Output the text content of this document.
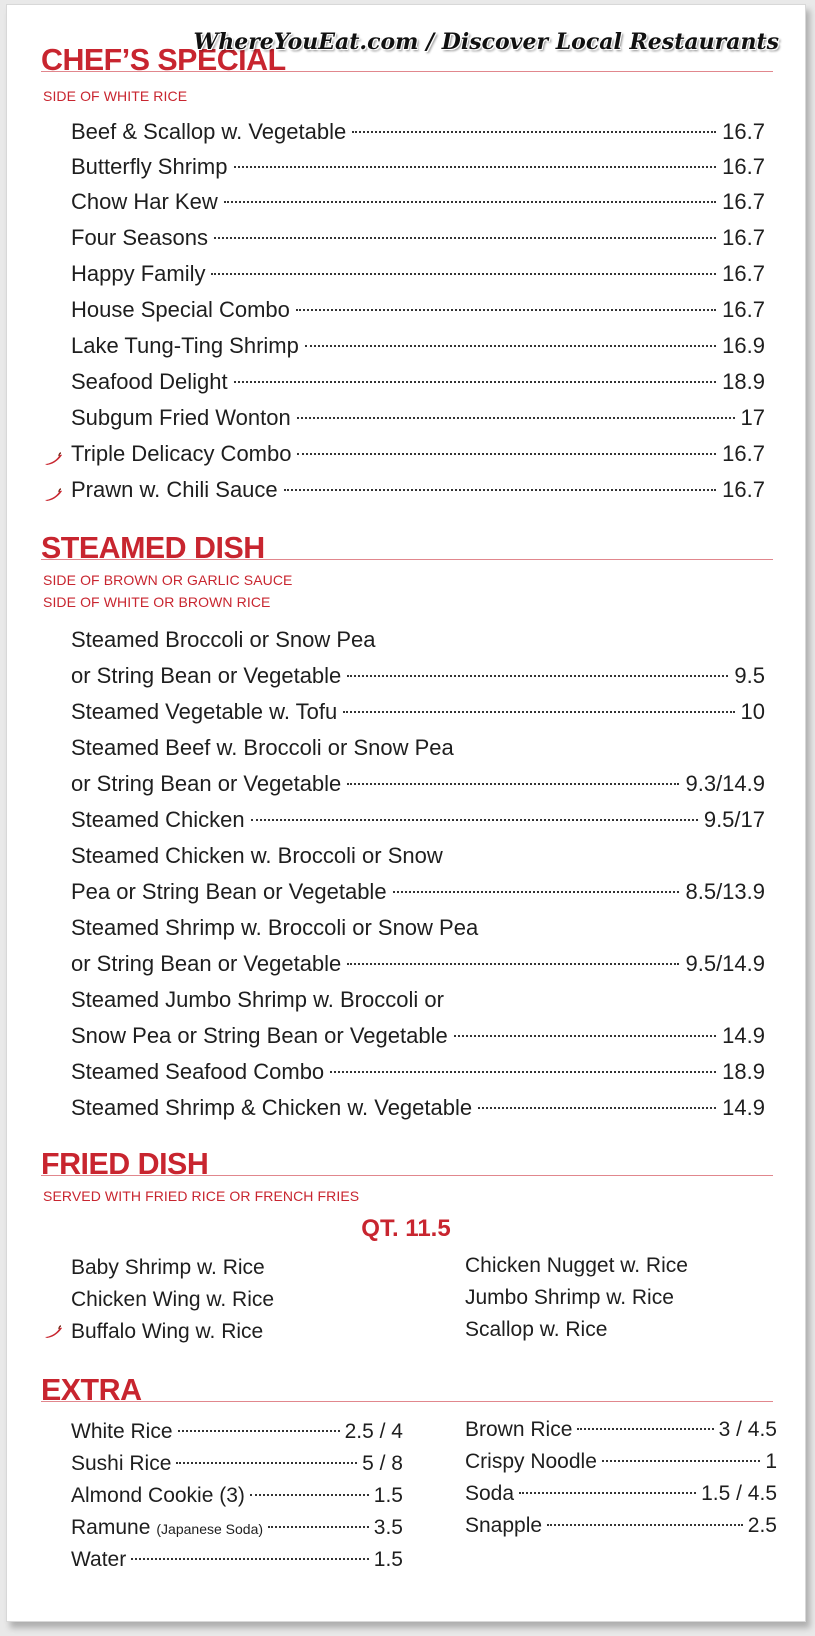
WhereYouEat.com / Discover Local Restaurants
CHEF’S SPECIAL
SIDE OF WHITE RICE
Beef & Scallop w. Vegetable	16.7
Butterfly Shrimp	16.7
Chow Har Kew	16.7
Four Seasons	16.7
Happy Family	16.7
House Special Combo	16.7
Lake Tung-Ting Shrimp	16.9
Seafood Delight	18.9
Subgum Fried Wonton	17
Triple Delicacy Combo	16.7
Prawn w. Chili Sauce	16.7
STEAMED DISH
SIDE OF BROWN OR GARLIC SAUCE
SIDE OF WHITE OR BROWN RICE
Steamed Broccoli or Snow Pea
or String Bean or Vegetable	9.5
Steamed Vegetable w. Tofu	10
Steamed Beef w. Broccoli or Snow Pea
or String Bean or Vegetable	9.3/14.9
Steamed Chicken	9.5/17
Steamed Chicken w. Broccoli or Snow
Pea or String Bean or Vegetable	8.5/13.9
Steamed Shrimp w. Broccoli or Snow Pea
or String Bean or Vegetable	9.5/14.9
Steamed Jumbo Shrimp w. Broccoli or
Snow Pea or String Bean or Vegetable	14.9
Steamed Seafood Combo	18.9
Steamed Shrimp & Chicken w. Vegetable	14.9
FRIED DISH
SERVED WITH FRIED RICE OR FRENCH FRIES
QT. 11.5
Baby Shrimp w. Rice
Chicken Wing w. Rice
Buffalo Wing w. Rice
Chicken Nugget w. Rice
Jumbo Shrimp w. Rice
Scallop w. Rice
EXTRA
White Rice	2.5 / 4
Sushi Rice	5 / 8
Almond Cookie (3)	1.5
Ramune (Japanese Soda)	3.5
Water	1.5
Brown Rice	3 / 4.5
Crispy Noodle	1
Soda	1.5 / 4.5
Snapple	2.5
